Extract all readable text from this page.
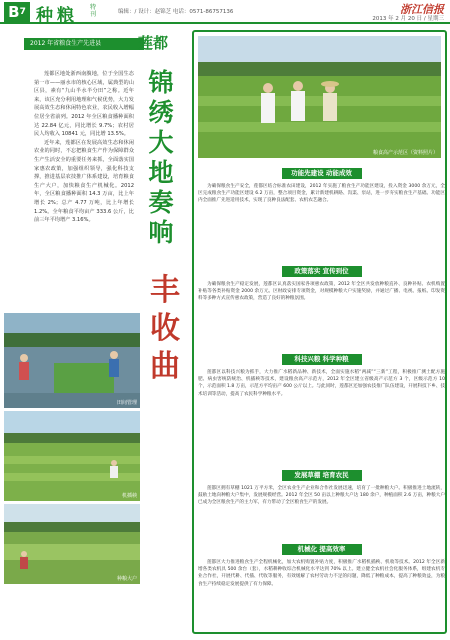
$B^7$ 种粮 特刊	编辑：/ 设计：赵锦芝 电话：0571-86757136	浙江信报
2013 年 2 月 20 日 / 星期三
2012 年省粮食生产先进县	莲都

莲都区地处浙西南腹地，位于全国生态第一市——丽水市的核心区域，属典型的山区县，素有“九山半水半分田”之称。近年来，该区充分利用地理和气候优势，大力发展高效生态和休闲特色农业，农民收入增幅位居全省前列。2012 年全区粮食播种面积达 22.84 亿元，同比增长 9.7%；农村居民人均收入 10841 元，同比增 13.5%。

近年来，莲都区在发展高效生态和休闲农业的同时，不忘把粮食生产作为保障群众生产生活安全的重要任务来抓，全面落实国家惠农政策，加强组织领导，强化科技支撑，推进基层农技推广体系建设，培育粮食生产大户，加快粮食生产机械化。2012 年，全区粮食播种面积 14.3 万亩，比上年增长 2%；总产 4.77 万吨，比上年增长 1.2%。全年粮食平均亩产 333.6 公斤，比前三年平均增产 3.16%。

锦绣大地奏响
丰收曲
田间管理
机插秧
种粮大户
粮食高产示范区（资料照片）
功能先建设 动能成效

为确保粮食生产安全，莲都区结合标准农田建设，2012 年实施了粮食生产功能区建设，投入资金 3000 余万元，全区完成粮食生产功能区建设 6.2 万亩，整合项目资金，累计新建机耕路、沟渠、泵站，进一步夯实粮食生产基础。功能区内全面推广先进适用技术，实现了良种良法配套、农机农艺融合。

政策落实 宣传到位

为确保粮食生产稳定发展，莲都区认真落实国家各项惠农政策，2012 年全区共发放种粮直补、良种补贴、农机购置补贴等各类补贴资金 2000 余万元。区财政安排专项资金，对规模种粮大户实施奖励，并通过广播、电视、报纸、印发资料等多种方式宣传惠农政策，营造了良好的种粮氛围。

科技兴粮 科学种粮

莲都区以科技兴粮为抓手，大力推广水稻新品种、新技术，全面实施水稻“两减”“三新”工程，积极推广测土配方施肥、病虫害统防统治、机插秧等技术，建设粮食高产示范方，2012 年全区建立省级高产示范方 3 个，区级示范方 10 个，示范面积 1.8 万亩，示范方平均亩产 600 公斤以上。与此同时，莲都区还加强农技推广队伍建设，开展科技下乡、技术培训等活动，提高了农民科学种粮水平。

发展草棚 培育农民

莲都区拥有草棚 1021 万平方米，全区农业生产企业和合作社发展迅速，培育了一批种粮大户。积极推进土地流转，鼓励土地向种粮大户集中，发展规模经营。2012 年全区 50 亩以上种粮大户达 180 余户，种植面积 2.6 万亩，种粮大户已成为全区粮食生产的主力军，有力带动了全区粮食生产的发展。

机械化 提高效率

莲都区大力推进粮食生产全程机械化，加大农机购置补贴力度，积极推广水稻机插秧、机收等技术。2012 年全区新增各类农机具 500 余台（套），水稻耕种收综合机械化水平达到 70% 以上。建立健全农机社会化服务体系，组建农机专业合作社，开展代耕、代插、代收等服务，有效缓解了农村劳动力不足的问题，降低了种粮成本，提高了种粮效益，为粮食生产持续稳定发展提供了有力保障。
